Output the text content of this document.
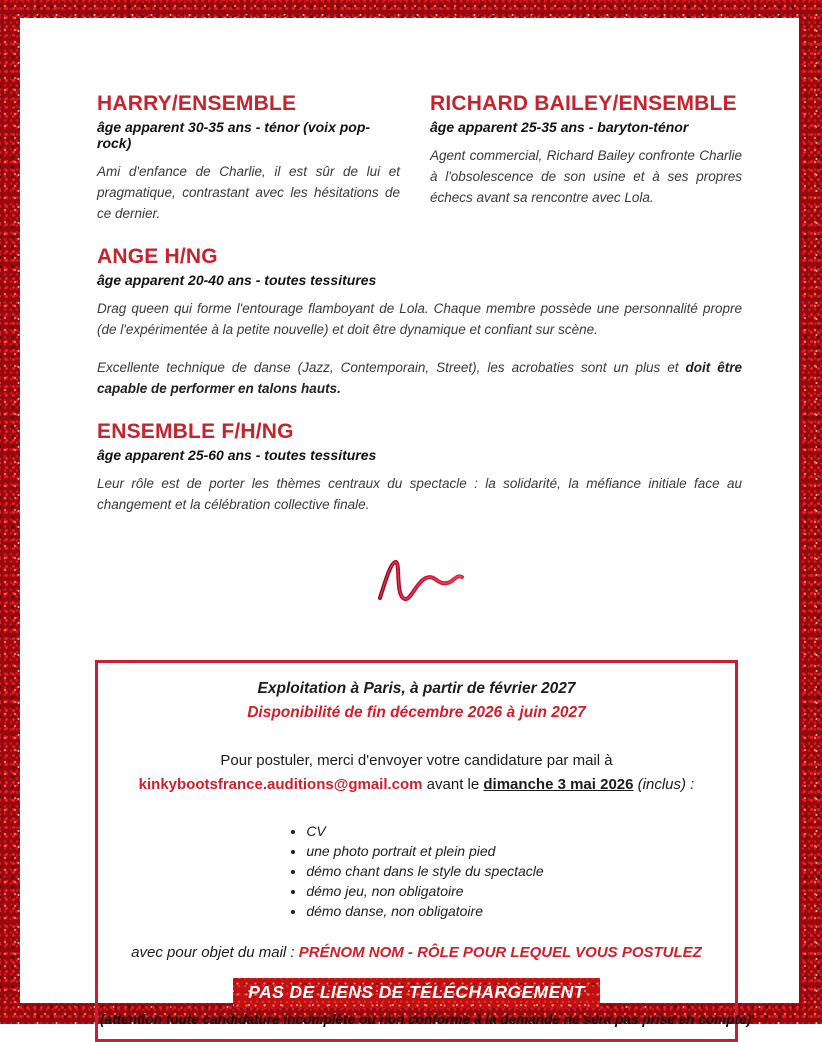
HARRY/ENSEMBLE
âge apparent 30-35 ans - ténor (voix pop-rock)
Ami d'enfance de Charlie, il est sûr de lui et pragmatique, contrastant avec les hésitations de ce dernier.
RICHARD BAILEY/ENSEMBLE
âge apparent 25-35 ans - baryton-ténor
Agent commercial, Richard Bailey confronte Charlie à l'obsolescence de son usine et à ses propres échecs avant sa rencontre avec Lola.
ANGE H/NG
âge apparent 20-40 ans - toutes tessitures
Drag queen qui forme l'entourage flamboyant de Lola. Chaque membre possède une personnalité propre (de l'expérimentée à la petite nouvelle) et doit être dynamique et confiant sur scène.
Excellente technique de danse (Jazz, Contemporain, Street), les acrobaties sont un plus et doit être capable de performer en talons hauts.
ENSEMBLE F/H/NG
âge apparent 25-60 ans - toutes tessitures
Leur rôle est de porter les thèmes centraux du spectacle : la solidarité, la méfiance initiale face au changement et la célébration collective finale.
Exploitation à Paris, à partir de février 2027
Disponibilité de fin décembre 2026 à juin 2027
Pour postuler, merci d'envoyer votre candidature par mail à
kinkybootsfrance.auditions@gmail.com avant le dimanche 3 mai 2026 (inclus) :
CV
une photo portrait et plein pied
démo chant dans le style du spectacle
démo jeu, non obligatoire
démo danse, non obligatoire
avec pour objet du mail : PRÉNOM NOM - RÔLE POUR LEQUEL VOUS POSTULEZ
PAS DE LIENS DE TÉLÉCHARGEMENT
(attention toute candidature incomplète ou non conforme à la demande ne sera pas prise en compte)
